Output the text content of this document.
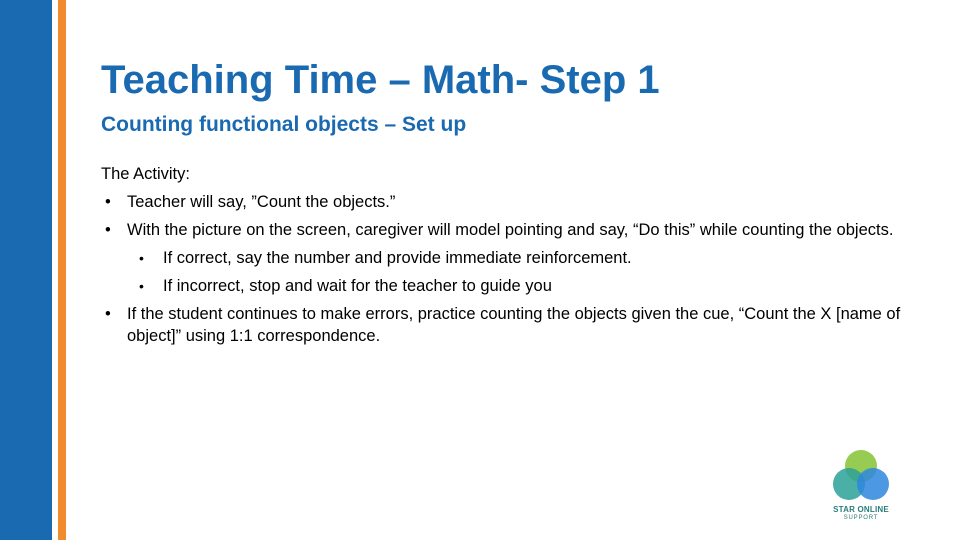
Teaching Time – Math- Step 1
Counting functional objects – Set up

The Activity:

• Teacher will say, ”Count the objects.”
• With the picture on the screen, caregiver will model pointing and say, “Do this” while counting the objects.
• If correct, say the number and provide immediate reinforcement.
• If incorrect, stop and wait for the teacher to guide you
• If the student continues to make errors, practice counting the objects given the cue, “Count the X [name of object]” using 1:1 correspondence.
STAR ONLINE
SUPPORT
